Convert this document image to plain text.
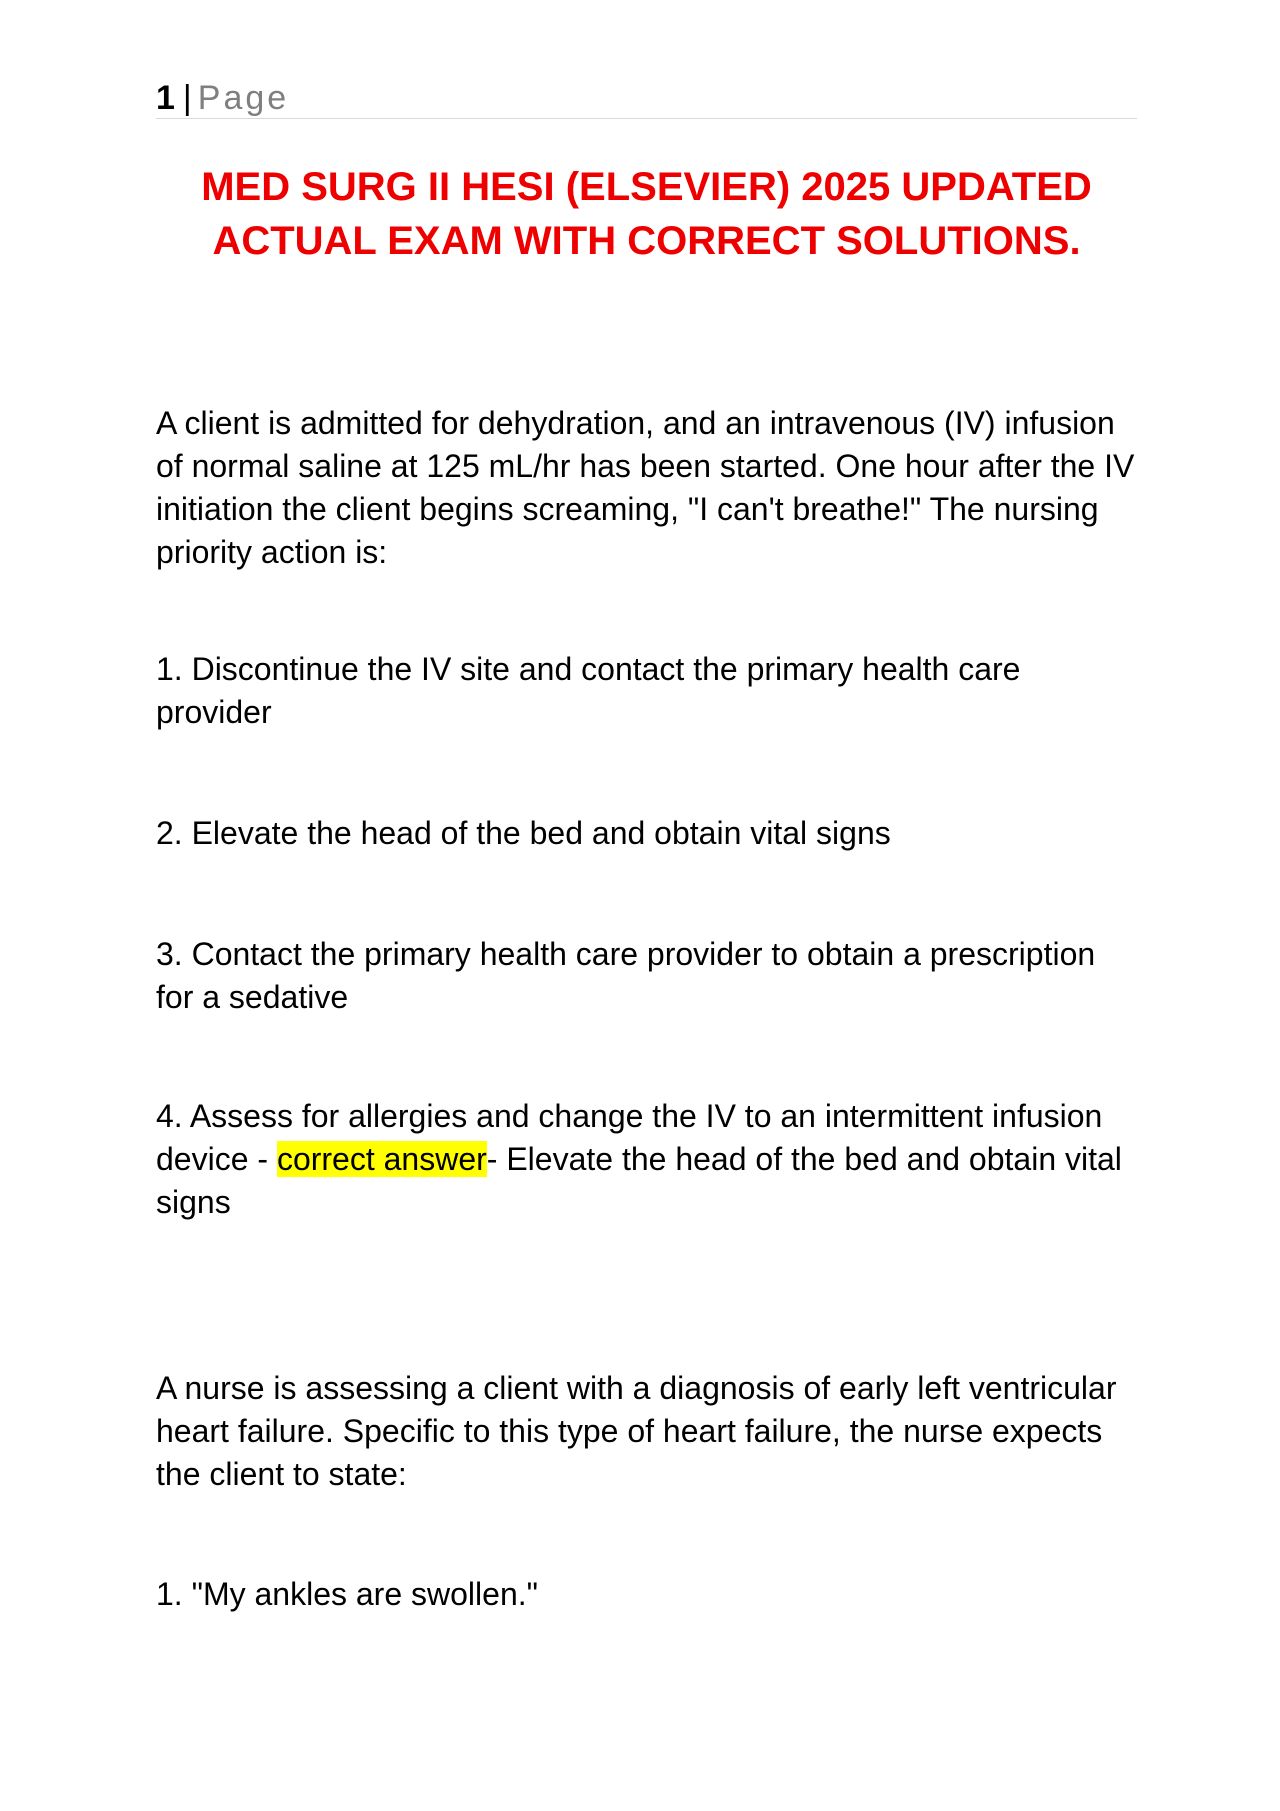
1 | Page
MED SURG II HESI (ELSEVIER) 2025 UPDATED ACTUAL EXAM WITH CORRECT SOLUTIONS.

A client is admitted for dehydration, and an intravenous (IV) infusion of normal saline at 125 mL/hr has been started. One hour after the IV initiation the client begins screaming, "I can't breathe!" The nursing priority action is:

1. Discontinue the IV site and contact the primary health care provider

2. Elevate the head of the bed and obtain vital signs

3. Contact the primary health care provider to obtain a prescription for a sedative

4. Assess for allergies and change the IV to an intermittent infusion device - correct answer- Elevate the head of the bed and obtain vital signs

A nurse is assessing a client with a diagnosis of early left ventricular heart failure. Specific to this type of heart failure, the nurse expects the client to state:

1. "My ankles are swollen."
